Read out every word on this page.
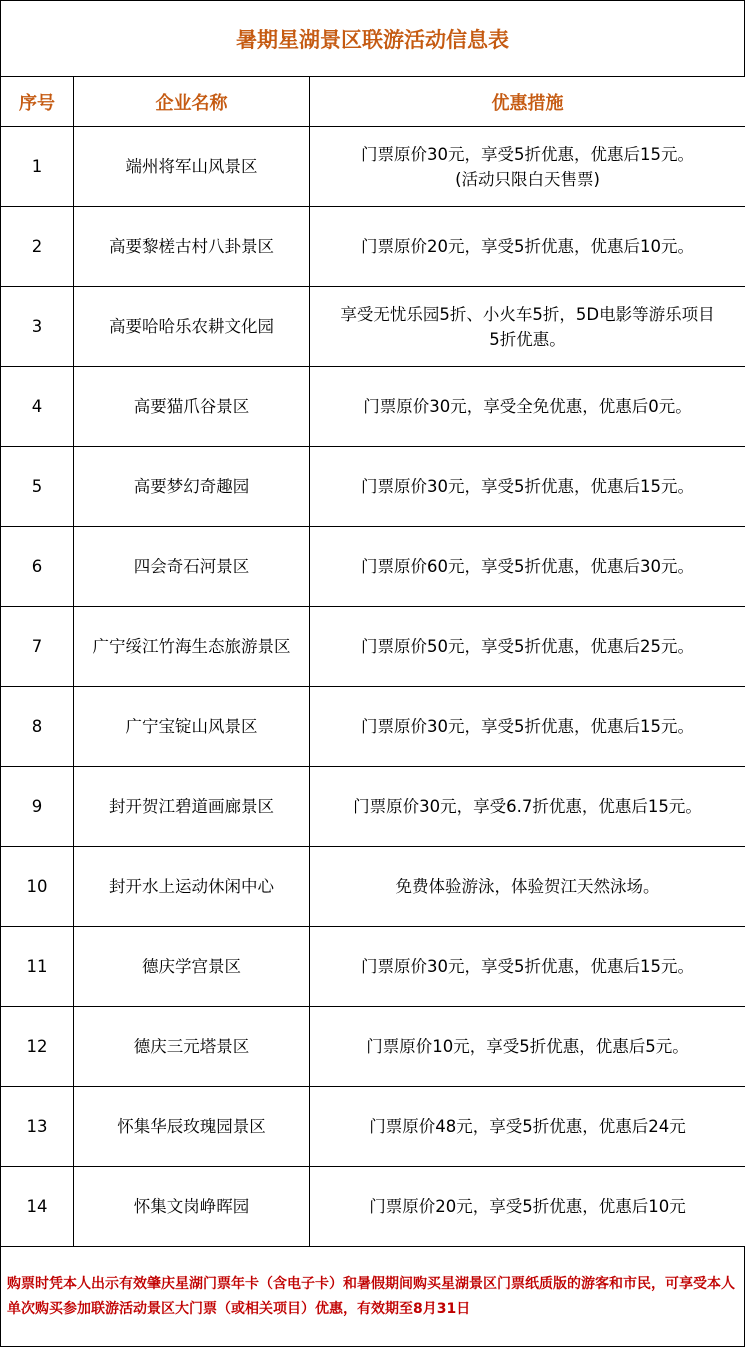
暑期星湖景区联游活动信息表
序号	企业名称	优惠措施
1	端州将军山风景区	门票原价30元，享受5折优惠，优惠后15元。
(活动只限白天售票)

2	高要黎槎古村八卦景区	门票原价20元，享受5折优惠，优惠后10元。

3	高要哈哈乐农耕文化园	享受无忧乐园5折、小火车5折，5D电影等游乐项目
5折优惠。

4	高要猫爪谷景区	门票原价30元，享受全免优惠，优惠后0元。

5	高要梦幻奇趣园	门票原价30元，享受5折优惠，优惠后15元。

6	四会奇石河景区	门票原价60元，享受5折优惠，优惠后30元。

7	广宁绥江竹海生态旅游景区	门票原价50元，享受5折优惠，优惠后25元。

8	广宁宝锭山风景区	门票原价30元，享受5折优惠，优惠后15元。

9	封开贺江碧道画廊景区	门票原价30元，享受6.7折优惠，优惠后15元。

10	封开水上运动休闲中心	免费体验游泳，体验贺江天然泳场。

11	德庆学宫景区	门票原价30元，享受5折优惠，优惠后15元。

12	德庆三元塔景区	门票原价10元，享受5折优惠，优惠后5元。

13	怀集华辰玫瑰园景区	门票原价48元，享受5折优惠，优惠后24元

14	怀集文岗峥晖园	门票原价20元，享受5折优惠，优惠后10元
购票时凭本人出示有效肇庆星湖门票年卡（含电子卡）和暑假期间购买星湖景区门票纸质版的游客和市民，可享受本人单次购买参加联游活动景区大门票（或相关项目）优惠，有效期至8月31日
